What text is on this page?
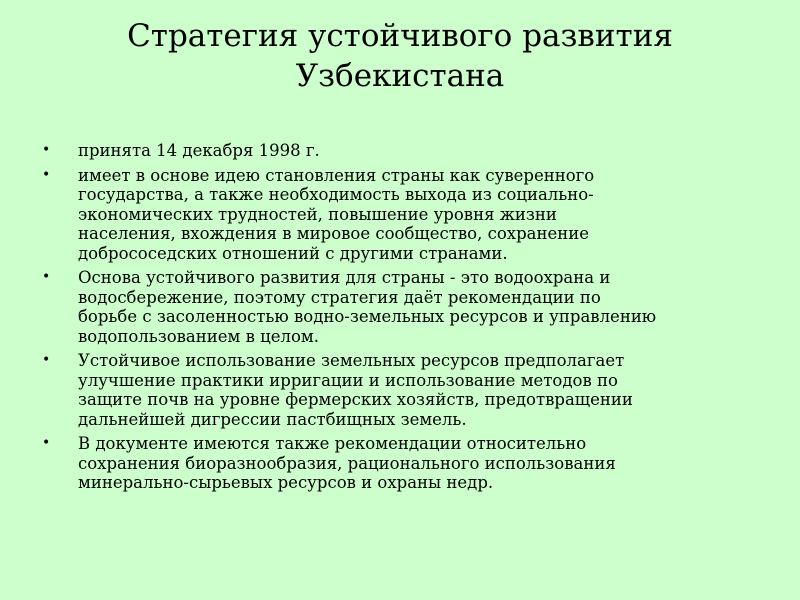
Стратегия устойчивого развития
Узбекистана
• принята 14 декабря 1998 г.
• имеет в основе идею становления страны как суверенного
государства, а также необходимость выхода из социально-
экономических трудностей, повышение уровня жизни
населения, вхождения в мировое сообщество, сохранение
добрососедских отношений с другими странами.
• Основа устойчивого развития для страны - это водоохрана и
водосбережение, поэтому стратегия даёт рекомендации по
борьбе с засоленностью водно-земельных ресурсов и управлению
водопользованием в целом.
• Устойчивое использование земельных ресурсов предполагает
улучшение практики ирригации и использование методов по
защите почв на уровне фермерских хозяйств, предотвращении
дальнейшей дигрессии пастбищных земель.
• В документе имеются также рекомендации относительно
сохранения биоразнообразия, рационального использования
минерально-сырьевых ресурсов и охраны недр.
